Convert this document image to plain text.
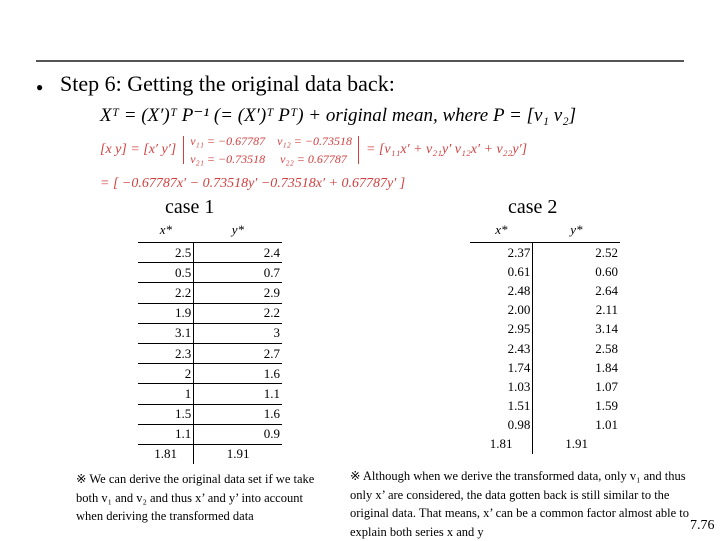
● Step 6: Getting the original data back:
Xᵀ = (X′)ᵀ P⁻¹ (= (X′)ᵀ Pᵀ) + original mean, where P = [v₁ v₂]
[x y] = [x′ y′]  v₁₁ = −0.67787 v₁₂ = −0.73518
v₂₁ = −0.73518 v₂₂ = 0.67787  = [v₁₁x′ + v₂₁y′ v₁₂x′ + v₂₂y′]
= [ −0.67787x′ − 0.73518y′ −0.73518x′ + 0.67787y′ ]
case 1	case 2
x*	y*
2.5	2.4
0.5	0.7
2.2	2.9
1.9	2.2
3.1	3
2.3	2.7
2	1.6
1	1.1
1.5	1.6
1.1	0.9
1.81	1.91
x*	y*
2.37	2.52
0.61	0.60
2.48	2.64
2.00	2.11
2.95	3.14
2.43	2.58
1.74	1.84
1.03	1.07
1.51	1.59
0.98	1.01
1.81	1.91
※ We can derive the original data set if we take both v₁ and v₂ and thus x’ and y’ into account when deriving the transformed data
※ Although when we derive the transformed data, only v₁ and thus only x’ are considered, the data gotten back is still similar to the original data. That means, x’ can be a common factor almost able to explain both series x and y	7.76
